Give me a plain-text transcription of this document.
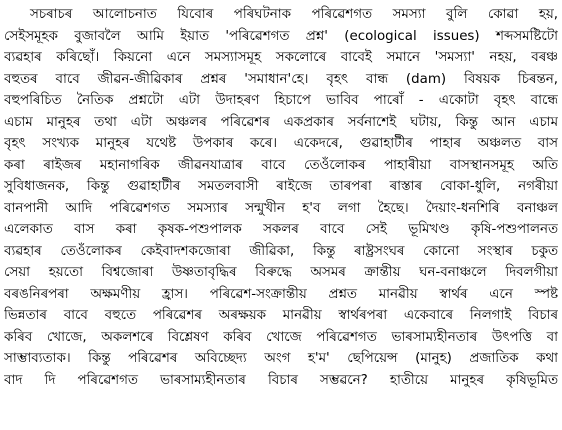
সচৰাচৰ আলোচনাত যিবোৰ পৰিঘটনাক পৰিৱেশগত সমস্যা বুলি কোৱা হয়,
সেইসমূহক বুজাবলৈ আমি ইয়াত 'পৰিৱেশগত প্ৰশ্ন' (ecological issues) শব্দসমষ্টিটো
ব্যৱহাৰ কৰিছোঁ। কিয়নো এনে সমস্যাসমূহ সকলোৰে বাবেই সমানে 'সমস্যা' নহয়, বৰঞ্চ
বহুতৰ বাবে জীৱন-জীৱিকাৰ প্ৰশ্নৰ 'সমাধান'হে। বৃহৎ বান্ধ (dam) বিষয়ক চিৰন্তন,
বহুপৰিচিত নৈতিক প্ৰশ্নটো এটা উদাহৰণ হিচাপে ভাবিব পাৰোঁ - একোটা বৃহৎ বান্ধে
এচাম মানুহৰ তথা এটা অঞ্চলৰ পৰিৱেশৰ একপ্ৰকাৰ সৰ্বনাশেই ঘটায়, কিন্তু আন এচাম
বৃহৎ সংখ্যক মানুহৰ যথেষ্ট উপকাৰ কৰে। একেদৰে, গুৱাহাটীৰ পাহাৰ অঞ্চলত বাস
কৰা ৰাইজৰ মহানাগৰিক জীৱনযাত্ৰাৰ বাবে তেওঁলোকৰ পাহাৰীয়া বাসস্থানসমূহ অতি
সুবিধাজনক, কিন্তু গুৱাহাটীৰ সমতলবাসী ৰাইজে তাৰপৰা ৰাস্তাৰ বোকা-ধুলি, নগৰীয়া
বানপানী আদি পৰিৱেশগত সমস্যাৰ সন্মুখীন হ'ব লগা হৈছে। দৈয়াং-ধনশিৰি বনাঞ্চল
এলেকাত বাস কৰা কৃষক-পশুপালক সকলৰ বাবে সেই ভূমিখণ্ড কৃষি-পশুপালনত
ব্যৱহাৰ তেওঁলোকৰ কেইবাদশকজোৰা জীৱিকা, কিন্তু ৰাষ্ট্ৰসংঘৰ কোনো সংস্থাৰ চকুত
সেয়া হয়তো বিশ্বজোৰা উষ্ণতাবৃদ্ধিৰ বিৰুদ্ধে অসমৰ ক্ৰান্তীয় ঘন-বনাঞ্চলে দিবলগীয়া
বৰঙনিৰপৰা অক্ষমণীয় হ্ৰাস। পৰিৱেশ-সংক্ৰান্তীয় প্ৰশ্নত মানৱীয় স্বাৰ্থৰ এনে স্পষ্ট
ভিন্নতাৰ বাবে বহুতে পৰিৱেশৰ অৰক্ষয়ক মানৱীয় স্বাৰ্থৰপৰা একেবাৰে নিলগাই বিচাৰ
কৰিব খোজে, অকলশৰে বিশ্লেষণ কৰিব খোজে পৰিৱেশগত ভাৰসাম্যহীনতাৰ উৎপত্তি বা
সাম্ভাব্যতাক। কিন্তু পৰিৱেশৰ অবিচ্ছেদ্য অংগ হ'ম' ছেপিয়েন্স (মানুহ) প্ৰজাতিক কথা
বাদ দি পৰিৱেশগত ভাৰসাম্যহীনতাৰ বিচাৰ সম্ভৱনে? হাতীয়ে মানুহৰ কৃষিভূমিত
